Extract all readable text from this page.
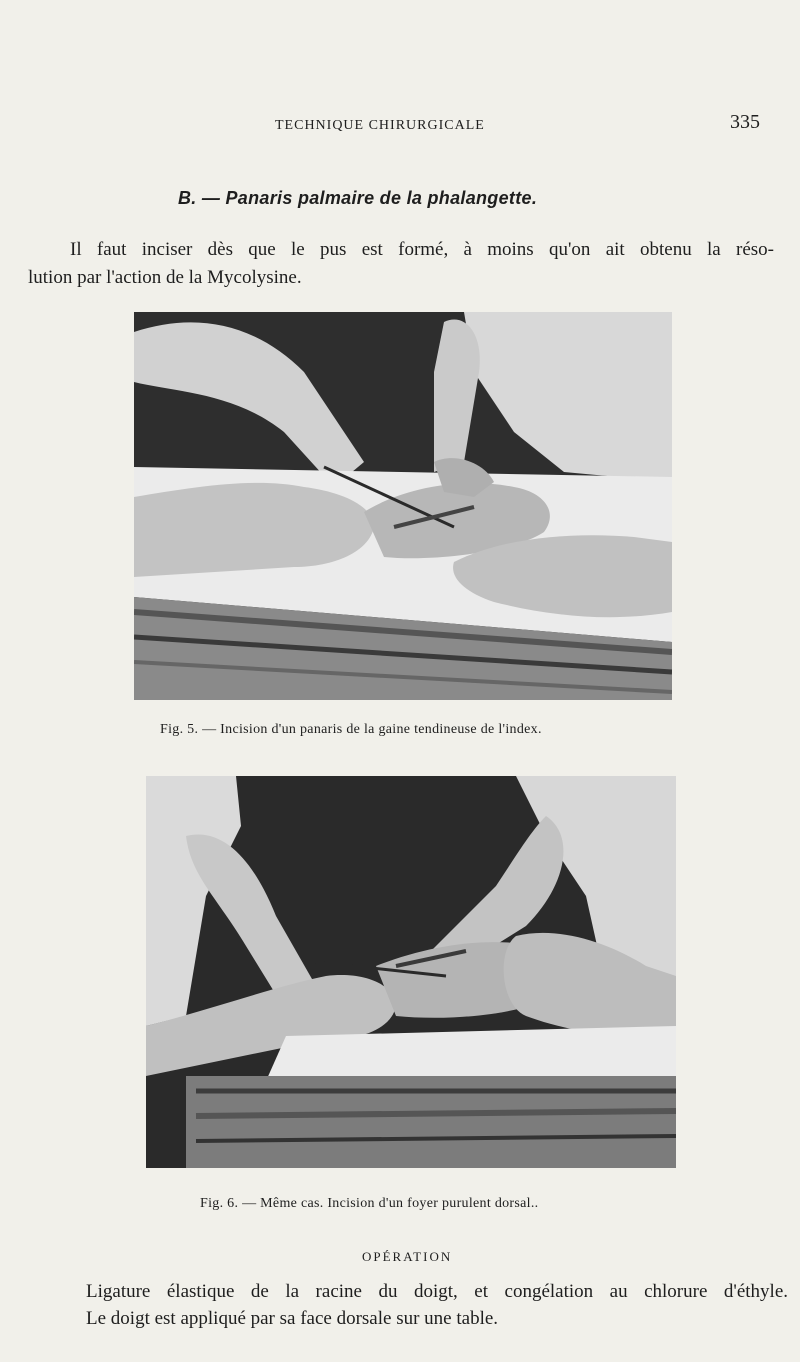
TECHNIQUE CHIRURGICALE	335
B. — Panaris palmaire de la phalangette.
Il faut inciser dès que le pus est formé, à moins qu'on ait obtenu la réso-
lution par l'action de la Mycolysine.
Fig. 5. — Incision d'un panaris de la gaine tendineuse de l'index.
Fig. 6. — Même cas. Incision d'un foyer purulent dorsal..
OPÉRATION
Ligature élastique de la racine du doigt, et congélation au chlorure d'éthyle.
Le doigt est appliqué par sa face dorsale sur une table.
